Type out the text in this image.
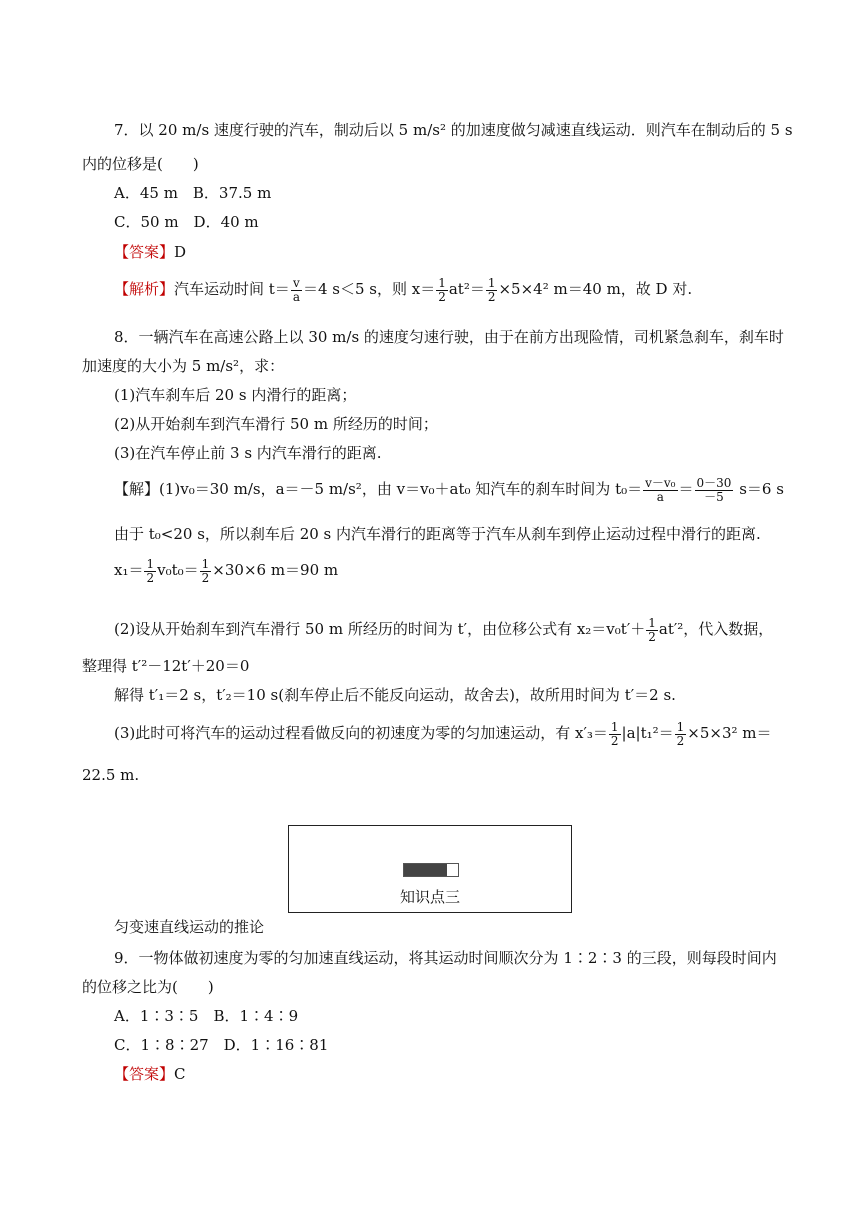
7．以 20 m/s 速度行驶的汽车，制动后以 5 m/s² 的加速度做匀减速直线运动．则汽车在制动后的 5 s
内的位移是(　　)
A．45 m　B．37.5 m
C．50 m　D．40 m
【答案】D
【解析】汽车运动时间 $t= \frac{v}{a} =4$ s＜5 s，则 $x= \frac{1}{2} at^2= \frac{1}{2} \times 5\times 4^2$ m＝40 m，故 D 对.
8．一辆汽车在高速公路上以 30 m/s 的速度匀速行驶，由于在前方出现险情，司机紧急刹车，刹车时
加速度的大小为 5 m/s²，求：
(1)汽车刹车后 20 s 内滑行的距离；
(2)从开始刹车到汽车滑行 50 m 所经历的时间；
(3)在汽车停止前 3 s 内汽车滑行的距离.
【解】(1)v₀＝30 m/s，a＝－5 m/s²，由 v＝v₀＋at₀ 知汽车的刹车时间为 $t_0= \frac{\text{v－v₀}}{a} = \frac{0-30}{-5} s=6$ s
由于 t₀<20 s，所以刹车后 20 s 内汽车滑行的距离等于汽车从刹车到停止运动过程中滑行的距离.
$x_1= \frac{1}{2} v_0t_0= \frac{1}{2} \times 30\times 6$ m＝90 m
(2)设从开始刹车到汽车滑行 50 m 所经历的时间为 t′，由位移公式有 $x_2=v_0t'+ \frac{1}{2} at'^2$，代入数据，
整理得 t′²－12t′＋20＝0
解得 t′₁＝2 s，t′₂＝10 s(刹车停止后不能反向运动，故舍去)，故所用时间为 t′＝2 s.
(3)此时可将汽车的运动过程看做反向的初速度为零的匀加速运动，有 $x'_3= \frac{1}{2} |a|t_1^2= \frac{1}{2} \times 5\times 3^2$ m＝
22.5 m.
知识点三
匀变速直线运动的推论
9．一物体做初速度为零的匀加速直线运动，将其运动时间顺次分为 1∶2∶3 的三段，则每段时间内
的位移之比为(　　)
A．1∶3∶5　B．1∶4∶9
C．1∶8∶27　D．1∶16∶81
【答案】C
